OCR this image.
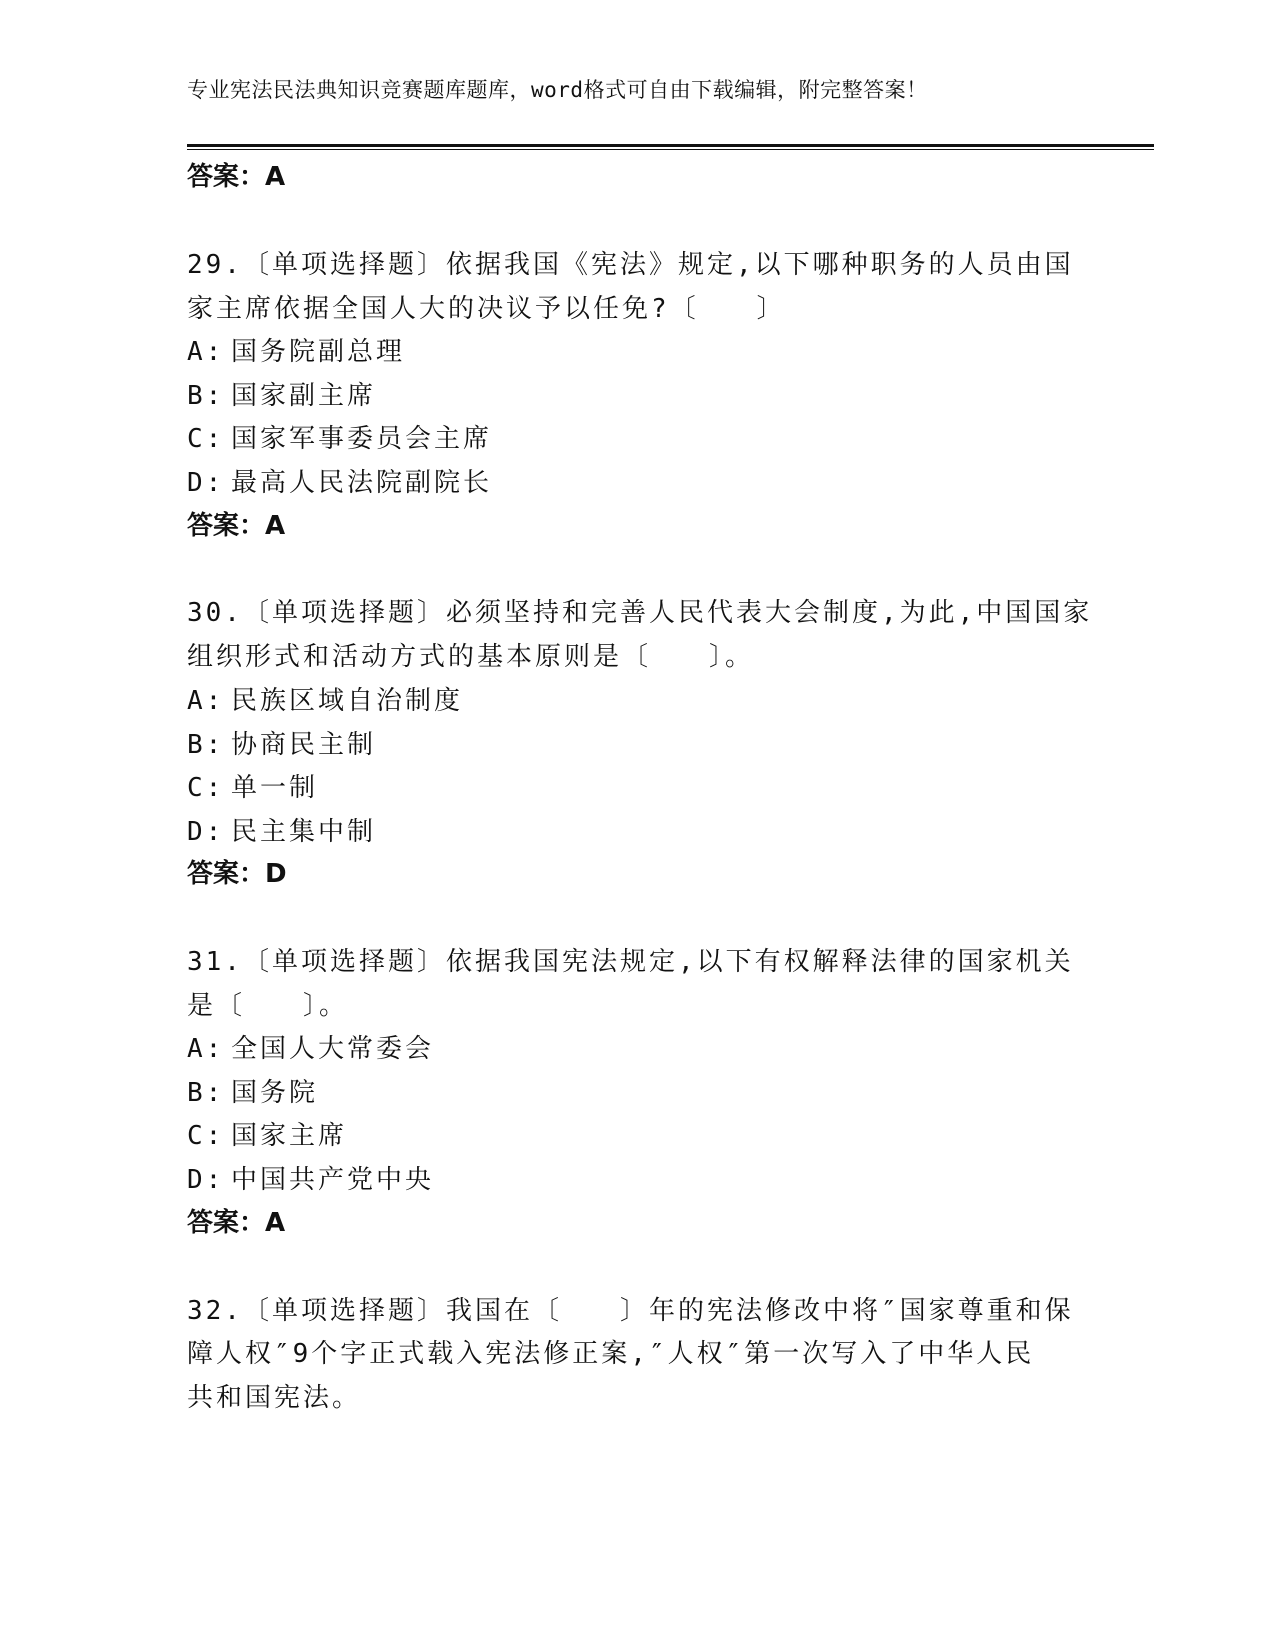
专业宪法民法典知识竞赛题库题库，word格式可自由下载编辑，附完整答案！
答案：A
29.〔单项选择题〕依据我国《宪法》规定,以下哪种职务的人员由国
家主席依据全国人大的决议予以任免?〔　　〕
A: 国务院副总理
B: 国家副主席
C: 国家军事委员会主席
D: 最高人民法院副院长
答案：A
30.〔单项选择题〕必须坚持和完善人民代表大会制度,为此,中国国家
组织形式和活动方式的基本原则是〔　　〕。
A: 民族区域自治制度
B: 协商民主制
C: 单一制
D: 民主集中制
答案：D
31.〔单项选择题〕依据我国宪法规定,以下有权解释法律的国家机关
是〔　　〕。
A: 全国人大常委会
B: 国务院
C: 国家主席
D: 中国共产党中央
答案：A
32.〔单项选择题〕我国在〔　　〕年的宪法修改中将″国家尊重和保
障人权″9个字正式载入宪法修正案,″人权″第一次写入了中华人民
共和国宪法。
